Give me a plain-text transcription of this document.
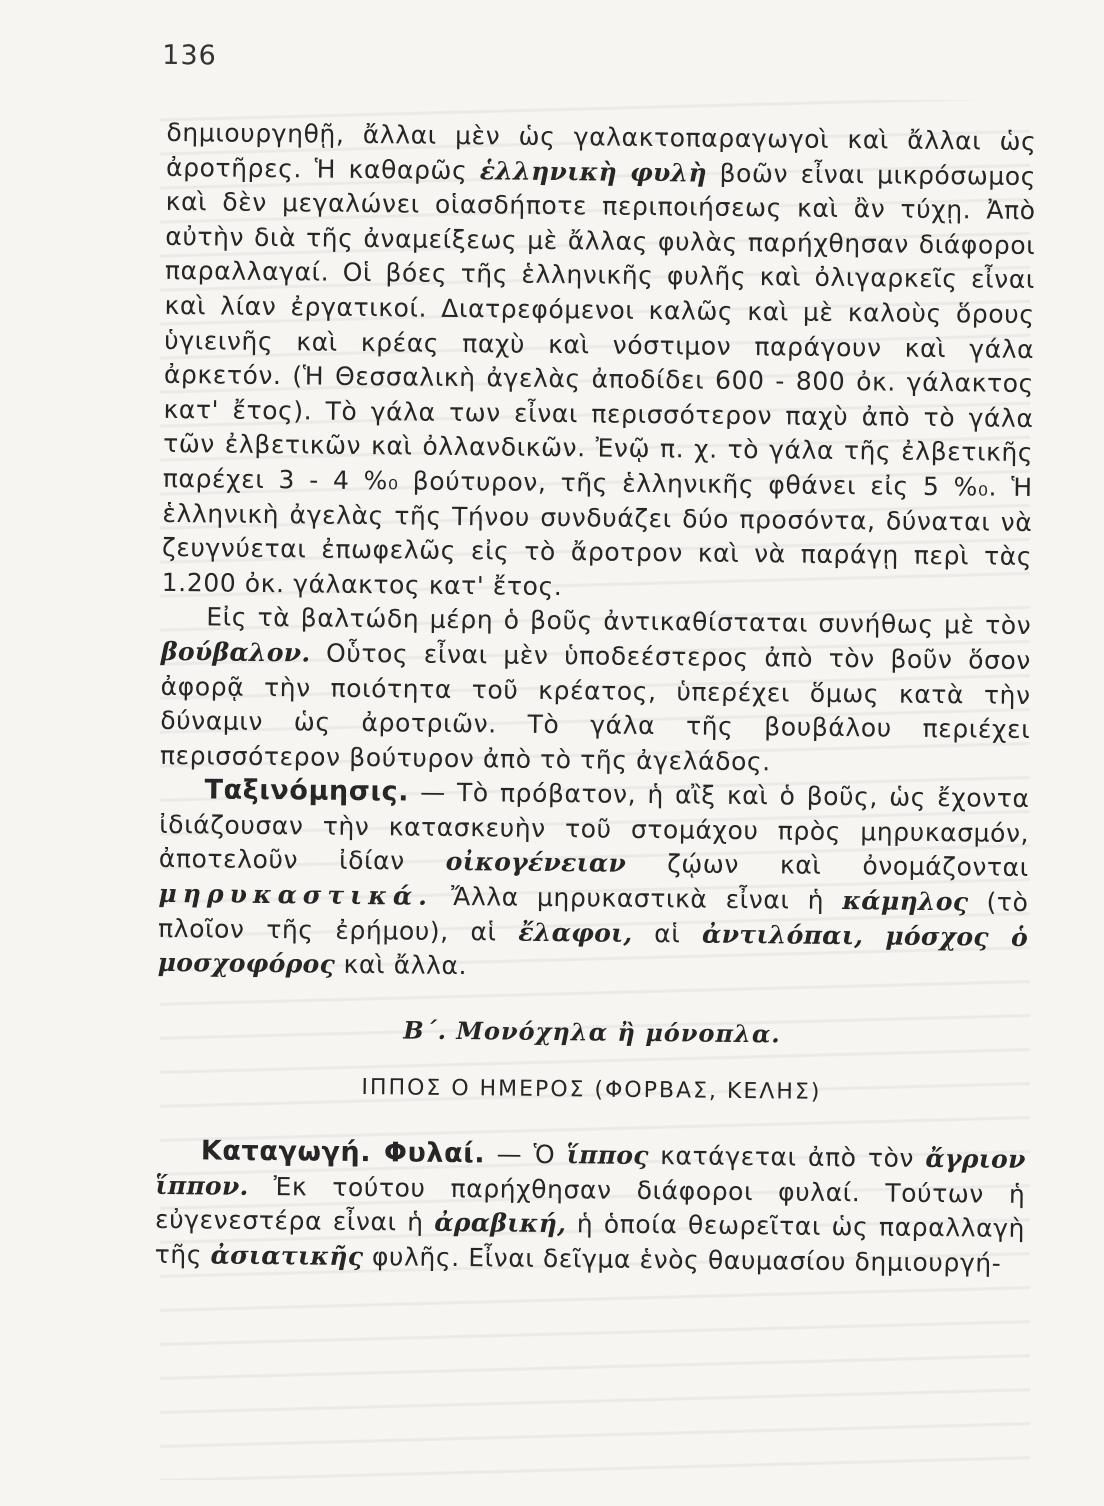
136

δημιουργηθῇ, ἄλλαι μὲν ὡς γαλακτοπαραγωγοὶ καὶ ἄλλαι ὡς ἀροτῆρες. Ἡ καθαρῶς ἑλληνικὴ φυλὴ βοῶν εἶναι μικρόσωμος καὶ δὲν μεγαλώνει οἱασδήποτε περιποιήσεως καὶ ἂν τύχῃ. Ἀπὸ αὐτὴν διὰ τῆς ἀναμείξεως μὲ ἄλλας φυλὰς παρήχθησαν διάφοροι παραλλαγαί. Οἱ βόες τῆς ἑλληνικῆς φυλῆς καὶ ὀλιγαρκεῖς εἶναι καὶ λίαν ἐργατικοί. Διατρεφόμενοι καλῶς καὶ μὲ καλοὺς ὅρους ὑγιεινῆς καὶ κρέας παχὺ καὶ νόστιμον παράγουν καὶ γάλα ἀρκετόν. (Ἡ Θεσσαλικὴ ἀγελὰς ἀποδίδει 600 - 800 ὀκ. γάλακτος κατ' ἔτος). Τὸ γάλα των εἶναι περισσότερον παχὺ ἀπὸ τὸ γάλα τῶν ἐλβετικῶν καὶ ὀλλανδικῶν. Ἐνῷ π. χ. τὸ γάλα τῆς ἐλβετικῆς παρέχει 3 - 4 %₀ βούτυρον, τῆς ἑλληνικῆς φθάνει εἰς 5 %₀. Ἡ ἑλληνικὴ ἀγελὰς τῆς Τήνου συνδυάζει δύο προσόντα, δύναται νὰ ζευγνύεται ἐπωφελῶς εἰς τὸ ἄροτρον καὶ νὰ παράγῃ περὶ τὰς 1.200 ὀκ. γάλακτος κατ' ἔτος.

Εἰς τὰ βαλτώδη μέρη ὁ βοῦς ἀντικαθίσταται συνήθως μὲ τὸν βούβαλον. Οὗτος εἶναι μὲν ὑποδεέστερος ἀπὸ τὸν βοῦν ὅσον ἀφορᾷ τὴν ποιότητα τοῦ κρέατος, ὑπερέχει ὅμως κατὰ τὴν δύναμιν ὡς ἀροτριῶν. Τὸ γάλα τῆς βουβάλου περιέχει περισσότερον βούτυρον ἀπὸ τὸ τῆς ἀγελάδος.

Ταξινόμησις. — Τὸ πρόβατον, ἡ αἲξ καὶ ὁ βοῦς, ὡς ἔχοντα ἰδιάζουσαν τὴν κατασκευὴν τοῦ στομάχου πρὸς μηρυκασμόν, ἀποτελοῦν ἰδίαν οἰκογένειαν ζῴων καὶ ὀνομάζονται μηρυκαστικά. Ἄλλα μηρυκαστικὰ εἶναι ἡ κάμηλος (τὸ πλοῖον τῆς ἐρήμου), αἱ ἔλαφοι, αἱ ἀντιλόπαι, μόσχος ὁ μοσχοφόρος καὶ ἄλλα.

Β΄. Μονόχηλα ἢ μόνοπλα.
ΙΠΠΟΣ Ο ΗΜΕΡΟΣ (ΦΟΡΒΑΣ, ΚΕΛΗΣ)

Καταγωγή. Φυλαί. — Ὁ ἵππος κατάγεται ἀπὸ τὸν ἄγριον ἵππον. Ἐκ τούτου παρήχθησαν διάφοροι φυλαί. Τούτων ἡ εὐγενεστέρα εἶναι ἡ ἀραβική, ἡ ὁποία θεωρεῖται ὡς παραλλαγὴ τῆς ἀσιατικῆς φυλῆς. Εἶναι δεῖγμα ἑνὸς θαυμασίου δημιουργή-
